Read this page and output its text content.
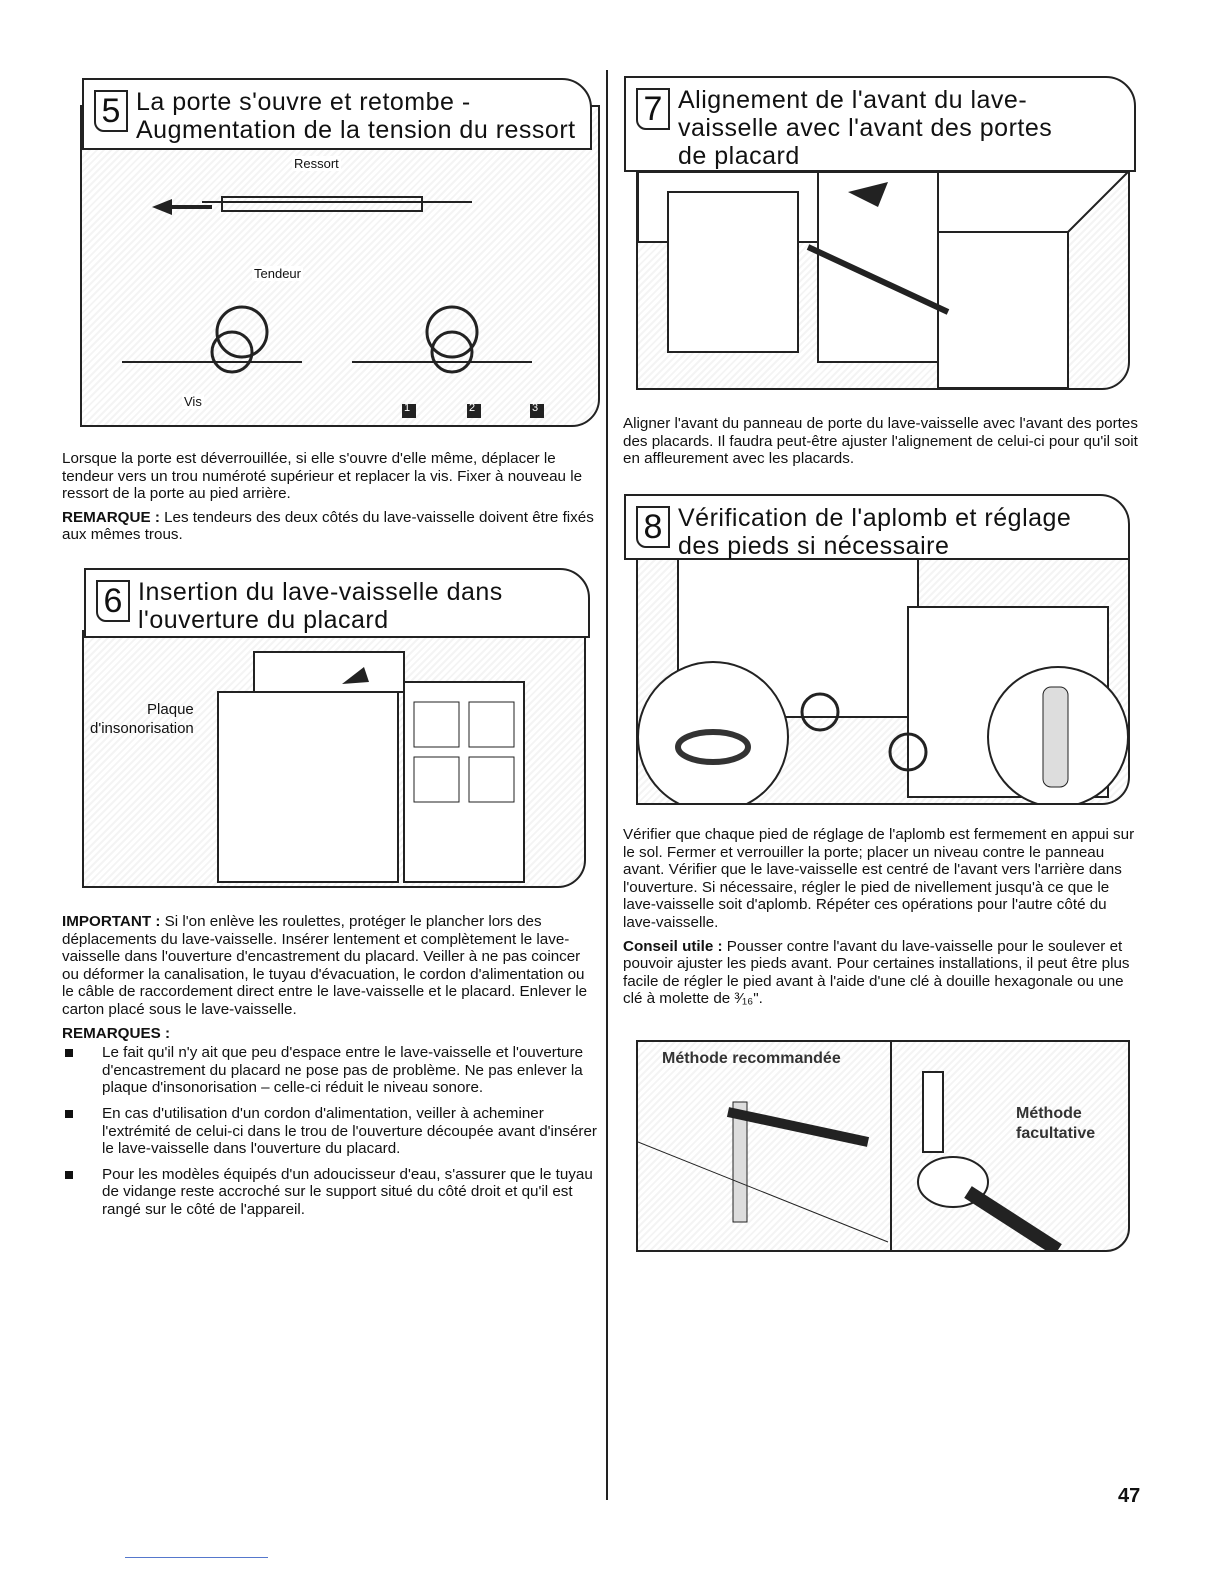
Ressort
Tendeur
Vis	1	2	3
5 La porte s'ouvre et retombe -
Augmentation de la tension du ressort

Lorsque la porte est déverrouillée, si elle s'ouvre d'elle même, déplacer le tendeur vers un trou numéroté supérieur et replacer la vis. Fixer à nouveau le ressort de la porte au pied arrière.

REMARQUE : Les tendeurs des deux côtés du lave-vaisselle doivent être fixés aux mêmes trous.

Plaque
d'insonorisation
6 Insertion du lave-vaisselle dans
l'ouverture du placard

IMPORTANT : Si l'on enlève les roulettes, protéger le plancher lors des déplacements du lave-vaisselle. Insérer lentement et complètement le lave-vaisselle dans l'ouverture d'encastrement du placard. Veiller à ne pas coincer ou déformer la canalisation, le tuyau d'évacuation, le cordon d'alimentation ou le câble de raccordement direct entre le lave-vaisselle et le placard. Enlever le carton placé sous le lave-vaisselle.

REMARQUES :

Le fait qu'il n'y ait que peu d'espace entre le lave-vaisselle et l'ouverture d'encastrement du placard ne pose pas de problème. Ne pas enlever la plaque d'insonorisation – celle-ci réduit le niveau sonore.
En cas d'utilisation d'un cordon d'alimentation, veiller à acheminer l'extrémité de celui-ci dans le trou de l'ouverture découpée avant d'insérer le lave-vaisselle dans l'ouverture du placard.
Pour les modèles équipés d'un adoucisseur d'eau, s'assurer que le tuyau de vidange reste accroché sur le support situé du côté droit et qu'il est rangé sur le côté de l'appareil.
7 Alignement de l'avant du lave-
vaisselle avec l'avant des portes
de placard

Aligner l'avant du panneau de porte du lave-vaisselle avec l'avant des portes des placards. Il faudra peut-être ajuster l'alignement de celui-ci pour qu'il soit en affleurement avec les placards.

8 Vérification de l'aplomb et réglage
des pieds si nécessaire

Vérifier que chaque pied de réglage de l'aplomb est fermement en appui sur le sol. Fermer et verrouiller la porte; placer un niveau contre le panneau avant. Vérifier que le lave-vaisselle est centré de l'avant vers l'arrière dans l'ouverture. Si nécessaire, régler le pied de nivellement jusqu'à ce que le lave-vaisselle soit d'aplomb. Répéter ces opérations pour l'autre côté du lave-vaisselle.

Conseil utile : Pousser contre l'avant du lave-vaisselle pour le soulever et pouvoir ajuster les pieds avant. Pour certaines installations, il peut être plus facile de régler le pied avant à l'aide d'une clé à douille hexagonale ou une clé à molette de ³⁄₁₆".

Méthode recommandée
Méthode
facultative
47
